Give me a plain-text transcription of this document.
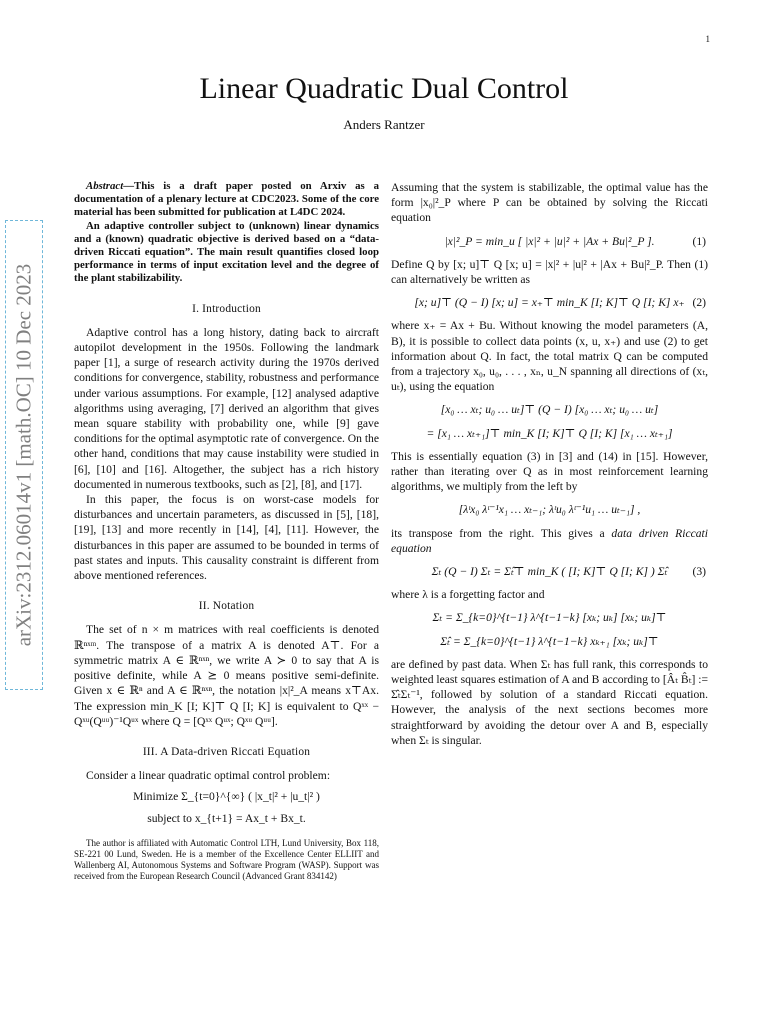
1
Linear Quadratic Dual Control
Anders Rantzer
arXiv:2312.06014v1 [math.OC] 10 Dec 2023

Abstract—This is a draft paper posted on Arxiv as a documentation of a plenary lecture at CDC2023. Some of the core material has been submitted for publication at L4DC 2024.

An adaptive controller subject to (unknown) linear dynamics and a (known) quadratic objective is derived based on a “data-driven Riccati equation”. The main result quantifies closed loop performance in terms of input excitation level and the degree of the plant stabilizability.

I. Introduction

Adaptive control has a long history, dating back to aircraft autopilot development in the 1950s. Following the landmark paper [1], a surge of research activity during the 1970s derived conditions for convergence, stability, robustness and performance under various assumptions. For example, [12] analysed adaptive algorithms using averaging, [7] derived an algorithm that gives mean square stability with probability one, while [9] gave conditions for the optimal asymptotic rate of convergence. On the other hand, conditions that may cause instability were studied in [6], [10] and [16]. Altogether, the subject has a rich history documented in numerous textbooks, such as [2], [8], and [17].

In this paper, the focus is on worst-case models for disturbances and uncertain parameters, as discussed in [5], [18], [19], [13] and more recently in [14], [4], [11]. However, the disturbances in this paper are assumed to be bounded in terms of past states and inputs. This causality constraint is different from above mentioned references.

II. Notation

The set of n × m matrices with real coefficients is denoted ℝⁿˣᵐ. The transpose of a matrix A is denoted A⊤. For a symmetric matrix A ∈ ℝⁿˣⁿ, we write A ≻ 0 to say that A is positive definite, while A ⪰ 0 means positive semi-definite. Given x ∈ ℝⁿ and A ∈ ℝⁿˣⁿ, the notation |x|²_A means x⊤Ax. The expression min_K [I; K]⊤ Q [I; K] is equivalent to Qˣˣ − Qˣᵘ(Qᵘᵘ)⁻¹Qᵘˣ where Q = [Qˣˣ Qᵘˣ; Qˣᵘ Qᵘᵘ].

III. A Data-driven Riccati Equation

Consider a linear quadratic optimal control problem:

Minimize Σ_{t=0}^{∞} ( |x_t|² + |u_t|² )
subject to x_{t+1} = Ax_t + Bx_t.

The author is affiliated with Automatic Control LTH, Lund University, Box 118, SE-221 00 Lund, Sweden. He is a member of the Excellence Center ELLIIT and Wallenberg AI, Autonomous Systems and Software Program (WASP). Support was received from the European Research Council (Advanced Grant 834142)

Assuming that the system is stabilizable, the optimal value has the form |x₀|²_P where P can be obtained by solving the Riccati equation

|x|²_P = min_u [ |x|² + |u|² + |Ax + Bu|²_P ].	(1)

Define Q by [x; u]⊤ Q [x; u] = |x|² + |u|² + |Ax + Bu|²_P. Then (1) can alternatively be written as

[x; u]⊤ (Q − I) [x; u] = x₊⊤ min_K [I; K]⊤ Q [I; K] x₊ (2)

where x₊ = Ax + Bu. Without knowing the model parameters (A, B), it is possible to collect data points (x, u, x₊) and use (2) to get information about Q. In fact, the total matrix Q can be computed from a trajectory x₀, u₀, . . . , xₙ, u_N spanning all directions of (xₜ, uₜ), using the equation

[x₀ … xₜ; u₀ … uₜ]⊤ (Q − I) [x₀ … xₜ; u₀ … uₜ]
= [x₁ … xₜ₊₁]⊤ min_K [I; K]⊤ Q [I; K] [x₁ … xₜ₊₁]

This is essentially equation (3) in [3] and (14) in [15]. However, rather than iterating over Q as in most reinforcement learning algorithms, we multiply from the left by

[λᵗx₀ λᵗ⁻¹x₁ … xₜ₋₁; λᵗu₀ λᵗ⁻¹u₁ … uₜ₋₁] ,

its transpose from the right. This gives a data driven Riccati equation

Σₜ (Q − I) Σₜ = Σ̂ₜ⊤ min_K ( [I; K]⊤ Q [I; K] ) Σ̂ₜ (3)

where λ is a forgetting factor and

Σₜ = Σ_{k=0}^{t−1} λ^{t−1−k} [xₖ; uₖ] [xₖ; uₖ]⊤
Σ̂ₜ = Σ_{k=0}^{t−1} λ^{t−1−k} xₖ₊₁ [xₖ; uₖ]⊤

are defined by past data. When Σₜ has full rank, this corresponds to weighted least squares estimation of A and B according to [Âₜ B̂ₜ] := Σ̂ₜΣₜ⁻¹, followed by solution of a standard Riccati equation. However, the analysis of the next sections becomes more straightforward by avoiding the detour over A and B, especially when Σₜ is singular.
